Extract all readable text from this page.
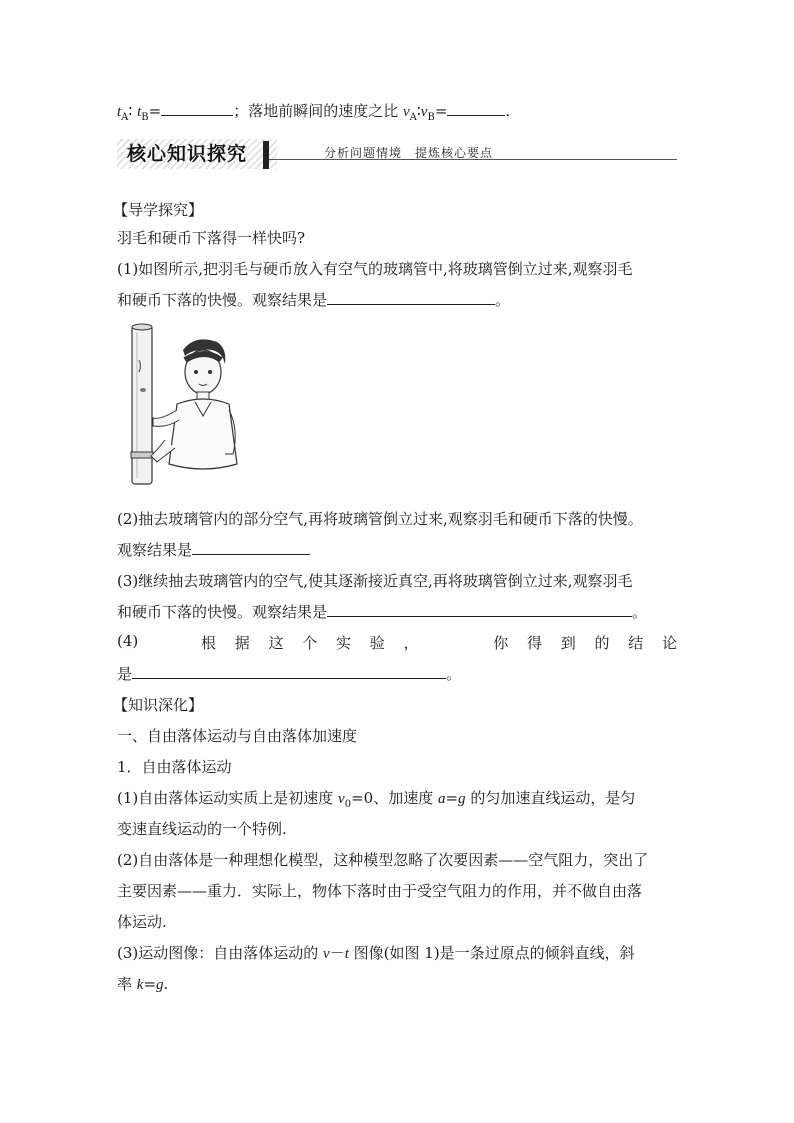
$t_A∶$ $t_B=$	；落地前瞬间的速度之比 $v_A∶v_B=$	.
核心知识探究	分析问题情境　提炼核心要点
【导学探究】
羽毛和硬币下落得一样快吗?
(1)如图所示,把羽毛与硬币放入有空气的玻璃管中,将玻璃管倒立过来,观察羽毛
和硬币下落的快慢。观察结果是	。
(2)抽去玻璃管内的部分空气,再将玻璃管倒立过来,观察羽毛和硬币下落的快慢。
观察结果是
(3)继续抽去玻璃管内的空气,使其逐渐接近真空,再将玻璃管倒立过来,观察羽毛
和硬币下落的快慢。观察结果是	。
(4)	根 据 这 个 实 验 ，	你 得 到 的 结 论
是	。
【知识深化】
一、自由落体运动与自由落体加速度
1．自由落体运动
(1)自由落体运动实质上是初速度 $v_0=0$、加速度 a=g 的匀加速直线运动，是匀
变速直线运动的一个特例.
(2)自由落体是一种理想化模型，这种模型忽略了次要因素——空气阻力，突出了
主要因素——重力．实际上，物体下落时由于受空气阻力的作用，并不做自由落
体运动.
(3)运动图像：自由落体运动的 v－t 图像(如图 1)是一条过原点的倾斜直线，斜
率 k=g.
